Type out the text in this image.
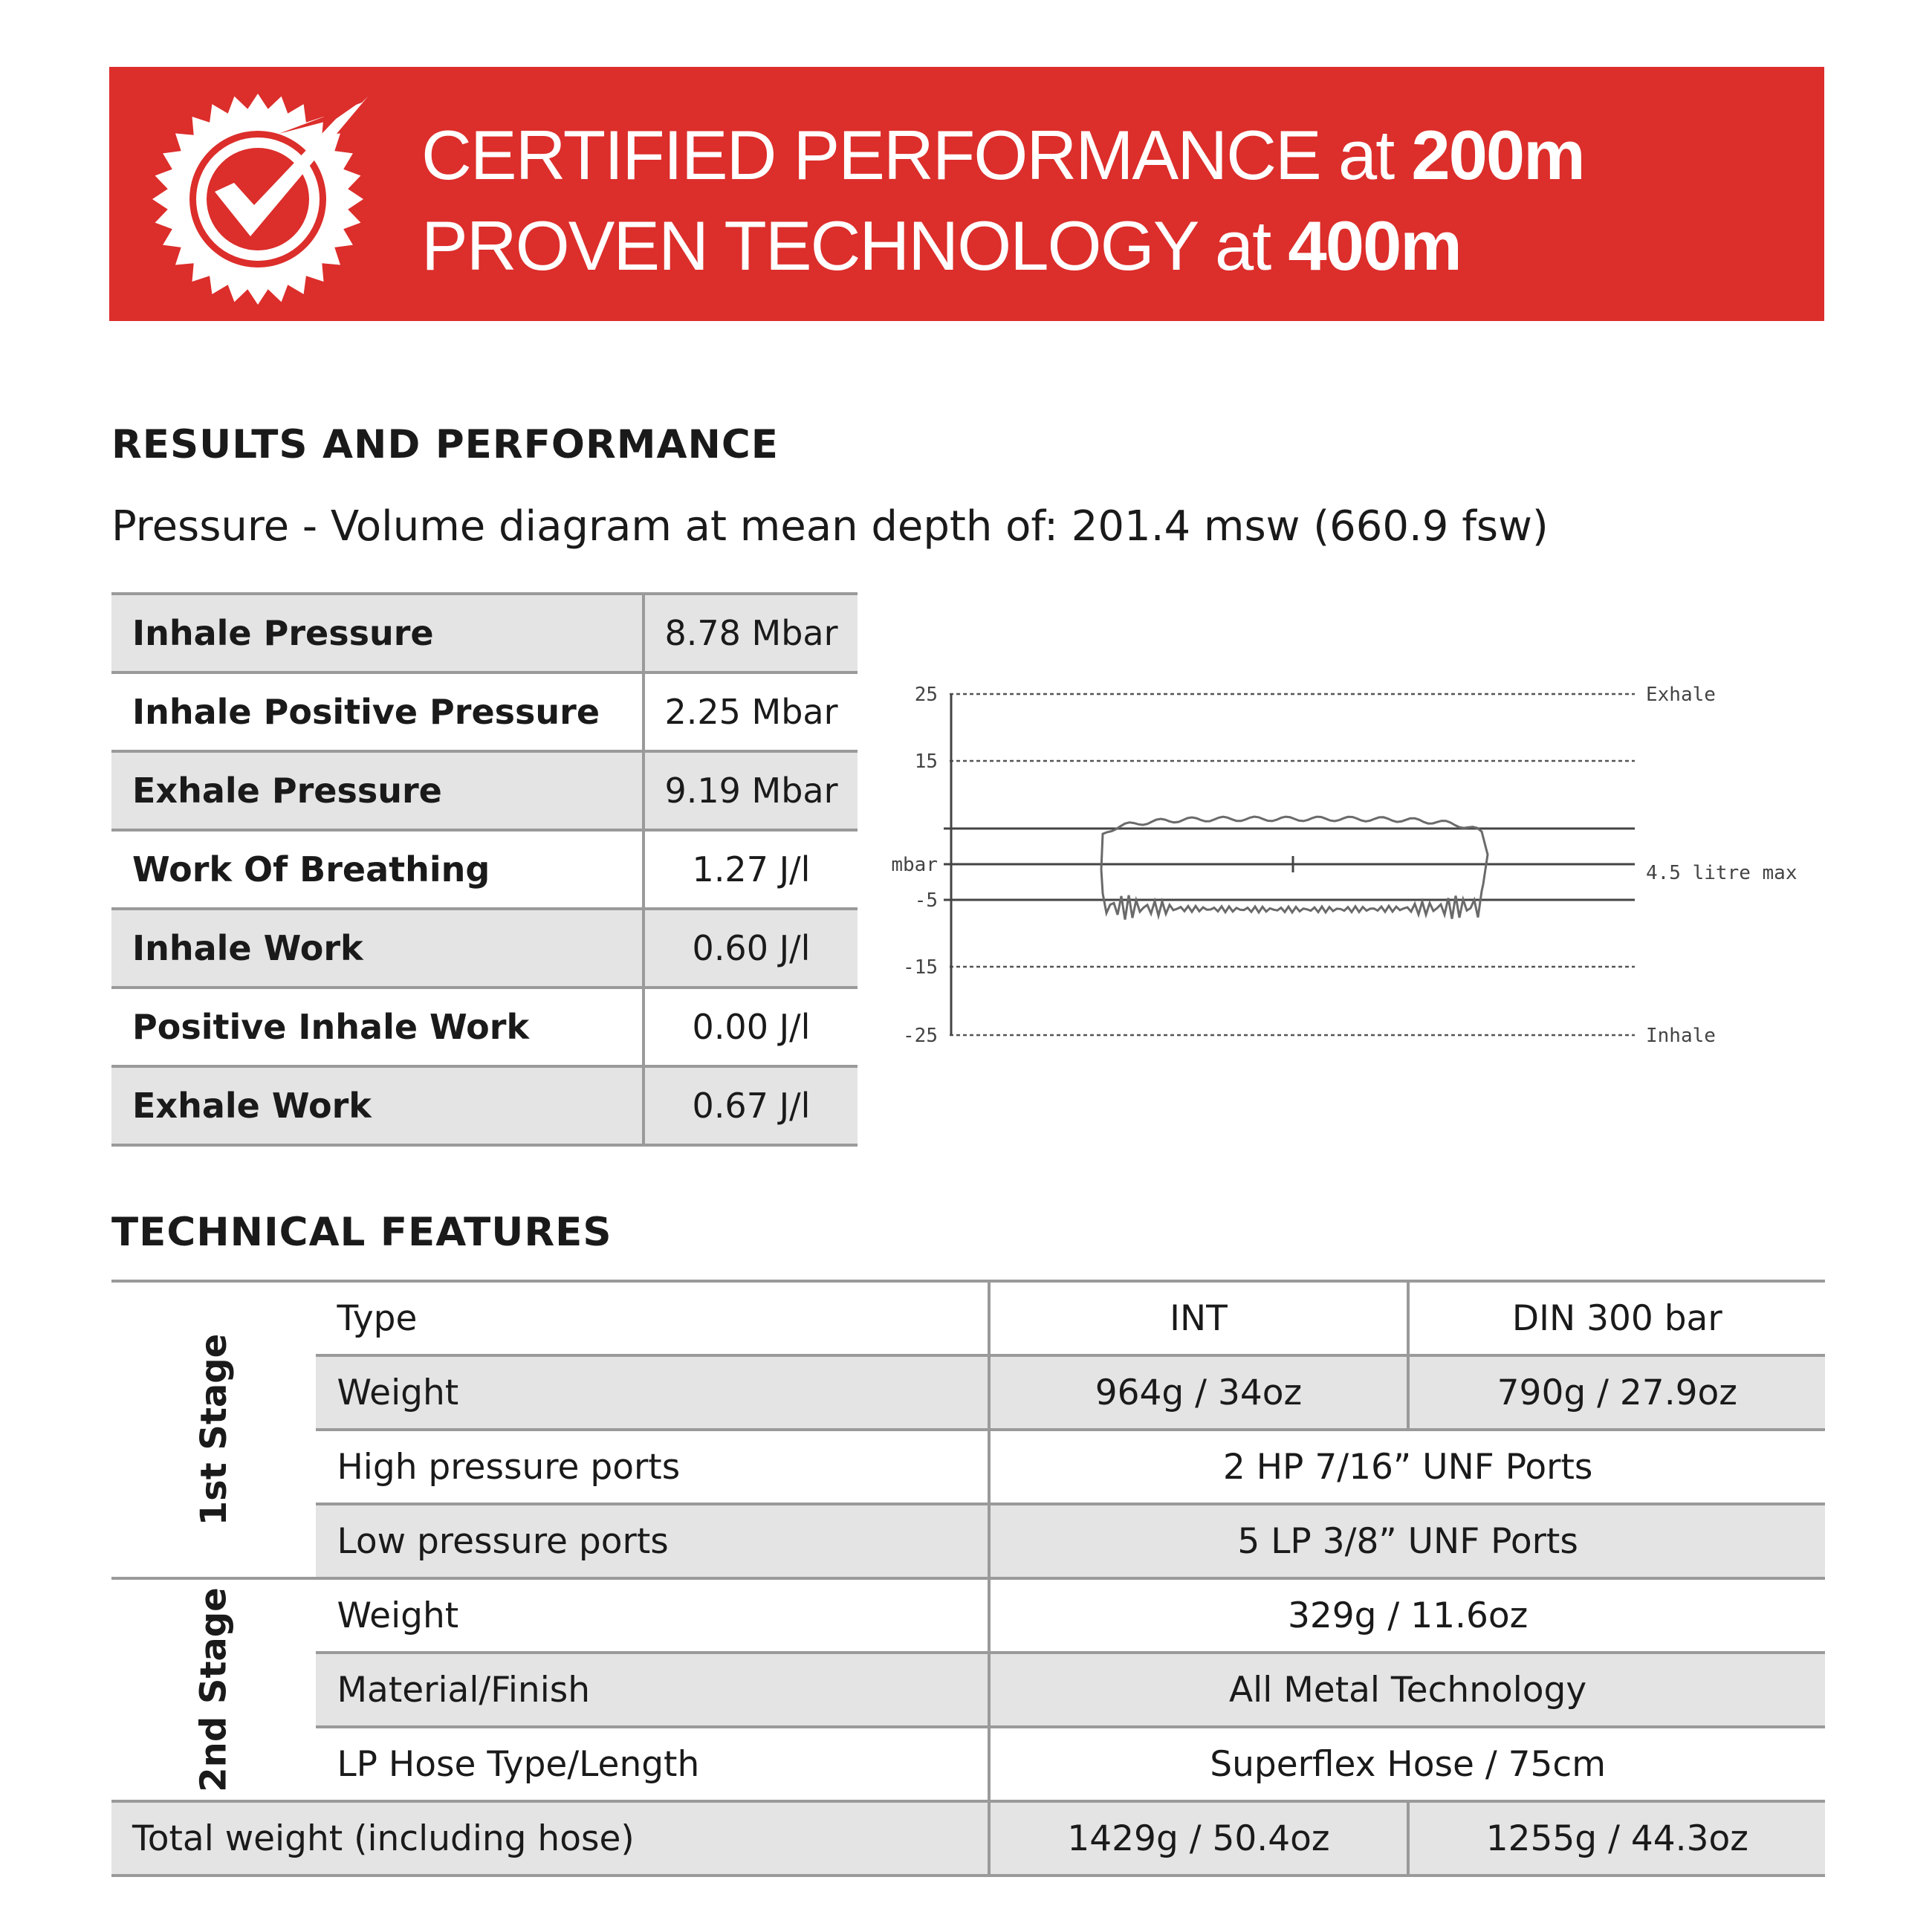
CERTIFIED PERFORMANCE at 200m
PROVEN TECHNOLOGY at 400m
RESULTS AND PERFORMANCE

Pressure - Volume diagram at mean depth of: 201.4 msw (660.9 fsw)

Inhale Pressure	8.78 Mbar
Inhale Positive Pressure	2.25 Mbar
Exhale Pressure	9.19 Mbar
Work Of Breathing	1.27 J/l
Inhale Work	0.60 J/l
Positive Inhale Work	0.00 J/l
Exhale Work	0.67 J/l
25
15
mbar
-5
-15
-25
Exhale
4.5 litre max
Inhale
TECHNICAL FEATURES
1st Stage	Type	INT	DIN 300 bar
	Weight	964g / 34oz	790g / 27.9oz
	High pressure ports	2 HP 7/16” UNF Ports	
	Low pressure ports	5 LP 3/8” UNF Ports	
2nd Stage	Weight	329g / 11.6oz	
	Material/Finish	All Metal Technology	
	LP Hose Type/Length	Superflex Hose / 75cm	
Total weight (including hose)		1429g / 50.4oz	1255g / 44.3oz
